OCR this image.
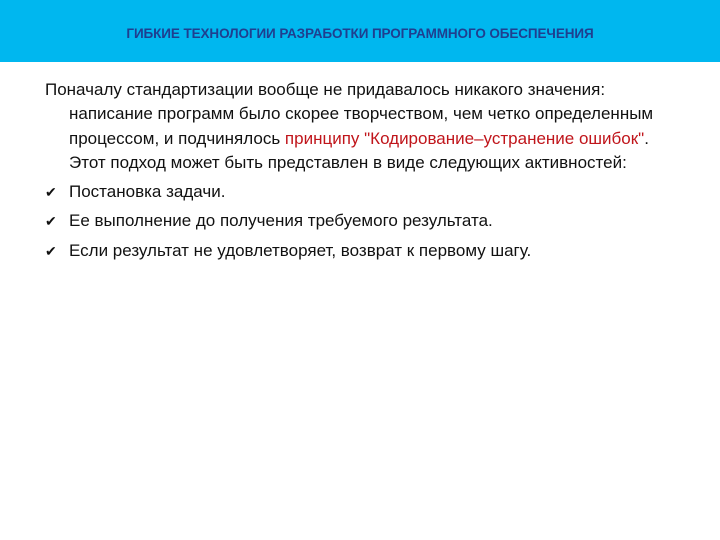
ГИБКИЕ ТЕХНОЛОГИИ РАЗРАБОТКИ ПРОГРАММНОГО ОБЕСПЕЧЕНИЯ

Поначалу стандартизации вообще не придавалось никакого значения: написание программ было скорее творчеством, чем четко определенным процессом, и подчинялось принципу "Кодирование–устранение ошибок". Этот подход может быть представлен в виде следующих активностей:

✔ Постановка задачи.
✔ Ее выполнение до получения требуемого результата.
✔ Если результат не удовлетворяет, возврат к первому шагу.
